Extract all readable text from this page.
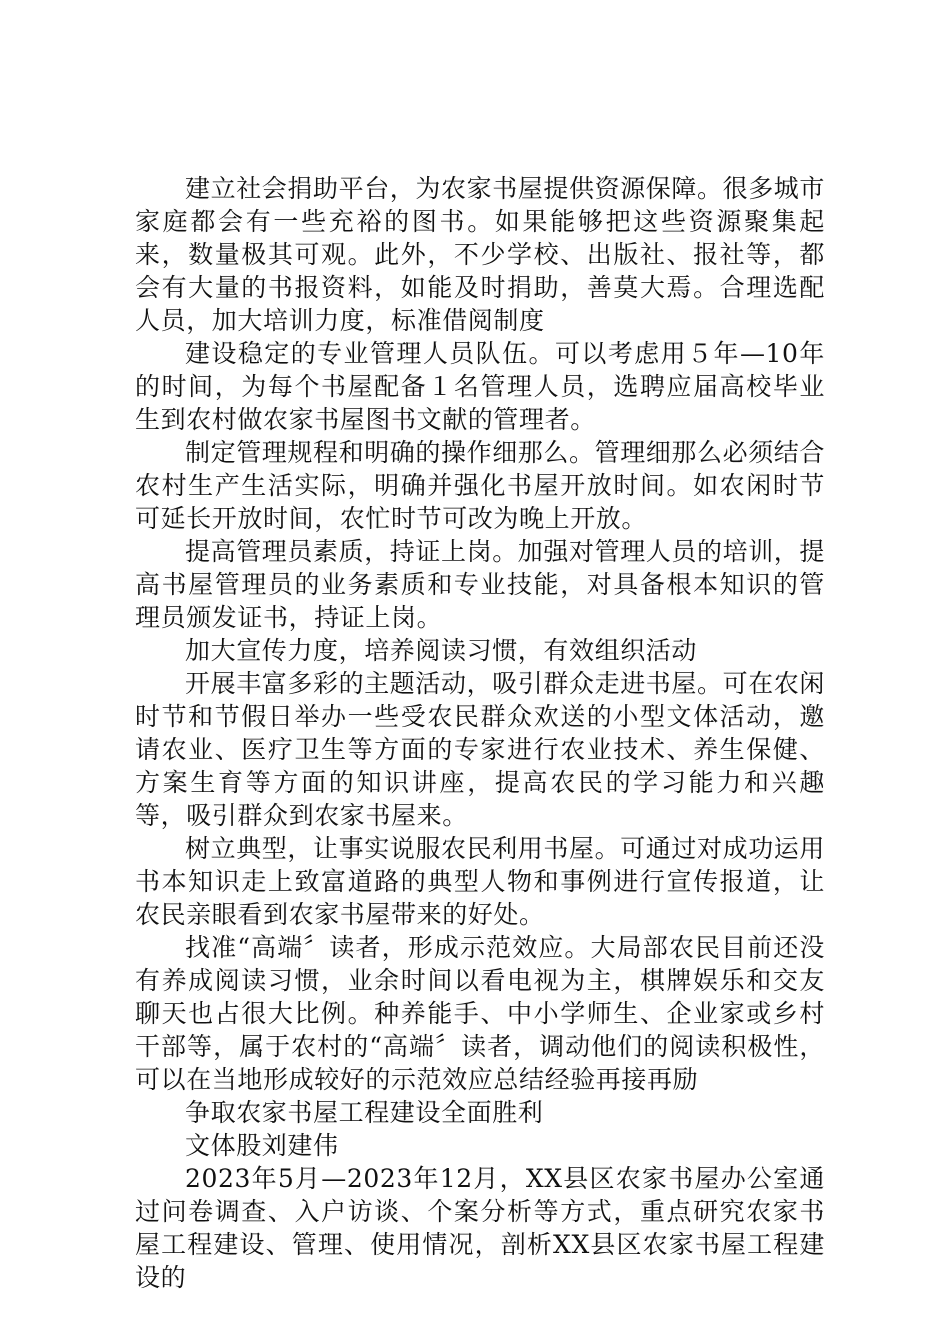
建立社会捐助平台，为农家书屋提供资源保障。很多城市家庭都会有一些充裕的图书。如果能够把这些资源聚集起来，数量极其可观。此外，不少学校、出版社、报社等，都会有大量的书报资料，如能及时捐助，善莫大焉。合理选配人员，加大培训力度，标准借阅制度

建设稳定的专业管理人员队伍。可以考虑用５年—10年的时间，为每个书屋配备１名管理人员，选聘应届高校毕业生到农村做农家书屋图书文献的管理者。

制定管理规程和明确的操作细那么。管理细那么必须结合农村生产生活实际，明确并强化书屋开放时间。如农闲时节可延长开放时间，农忙时节可改为晚上开放。

提高管理员素质，持证上岗。加强对管理人员的培训，提高书屋管理员的业务素质和专业技能，对具备根本知识的管理员颁发证书，持证上岗。

加大宣传力度，培养阅读习惯，有效组织活动

开展丰富多彩的主题活动，吸引群众走进书屋。可在农闲时节和节假日举办一些受农民群众欢送的小型文体活动，邀请农业、医疗卫生等方面的专家进行农业技术、养生保健、方案生育等方面的知识讲座，提高农民的学习能力和兴趣等，吸引群众到农家书屋来。

树立典型，让事实说服农民利用书屋。可通过对成功运用书本知识走上致富道路的典型人物和事例进行宣传报道，让农民亲眼看到农家书屋带来的好处。

找准“高端〞读者，形成示范效应。大局部农民目前还没有养成阅读习惯，业余时间以看电视为主，棋牌娱乐和交友聊天也占很大比例。种养能手、中小学师生、企业家或乡村干部等，属于农村的“高端〞读者，调动他们的阅读积极性，可以在当地形成较好的示范效应总结经验再接再励

争取农家书屋工程建设全面胜利

文体股刘建伟

2023年5月—2023年12月，XX县区农家书屋办公室通过问卷调查、入户访谈、个案分析等方式，重点研究农家书屋工程建设、管理、使用情况，剖析XX县区农家书屋工程建设的
